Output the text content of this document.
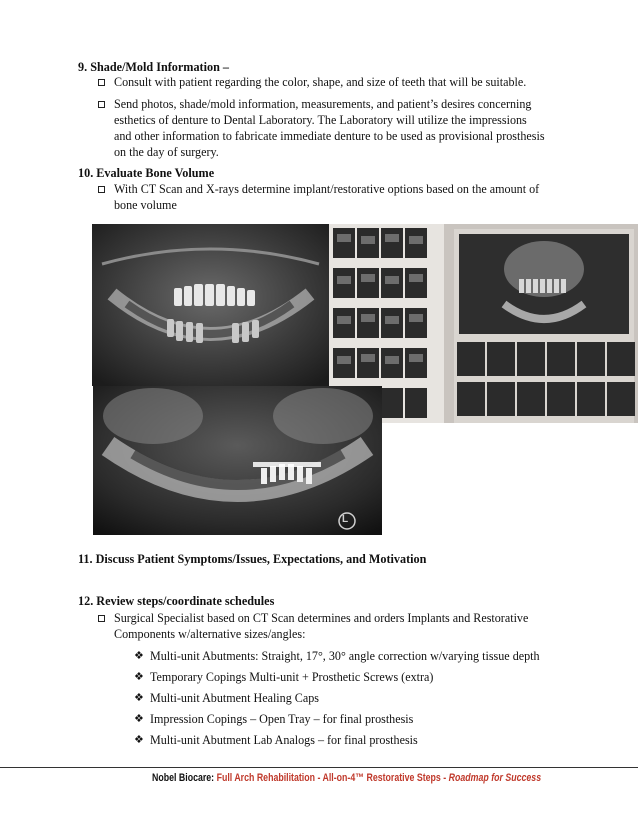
9. Shade/Mold Information –
Consult with patient regarding the color, shape, and size of teeth that will be suitable.

Send photos, shade/mold information, measurements, and patient’s desires concerning

esthetics of denture to Dental Laboratory. The Laboratory will utilize the impressions

and other information to fabricate immediate denture to be used as provisional prosthesis

on the day of surgery.

10. Evaluate Bone Volume

With CT Scan and X-rays determine implant/restorative options based on the amount of

bone volume

L
11. Discuss Patient Symptoms/Issues, Expectations, and Motivation
12. Review steps/coordinate schedules

Surgical Specialist based on CT Scan determines and orders Implants and Restorative

Components w/alternative sizes/angles:

❖ Multi-unit Abutments: Straight, 17°, 30° angle correction w/varying tissue depth
❖ Temporary Copings Multi-unit + Prosthetic Screws (extra)
❖ Multi-unit Abutment Healing Caps
❖ Impression Copings – Open Tray – for final prosthesis
❖ Multi-unit Abutment Lab Analogs – for final prosthesis
Nobel Biocare: Full Arch Rehabilitation - All-on-4™ Restorative Steps - Roadmap for Success
